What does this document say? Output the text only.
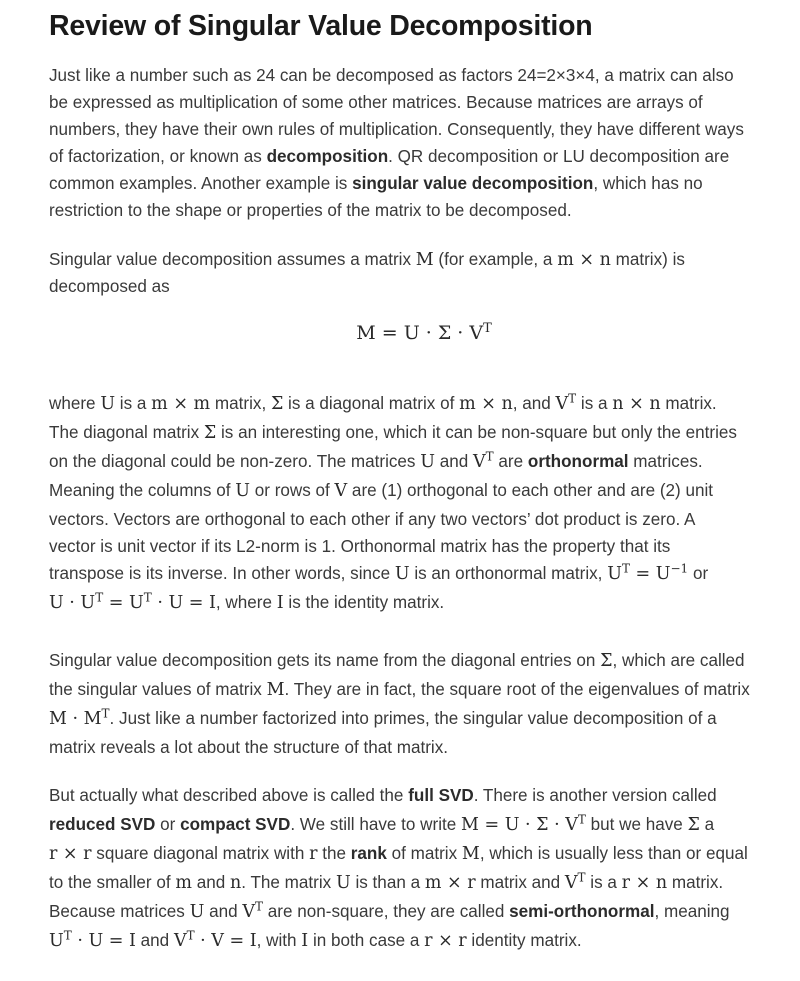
Review of Singular Value Decomposition
Just like a number such as 24 can be decomposed as factors 24=2×3×4, a matrix can also
be expressed as multiplication of some other matrices. Because matrices are arrays of
numbers, they have their own rules of multiplication. Consequently, they have different ways
of factorization, or known as decomposition. QR decomposition or LU decomposition are
common examples. Another example is singular value decomposition, which has no
restriction to the shape or properties of the matrix to be decomposed.
Singular value decomposition assumes a matrix M (for example, a m × n matrix) is
decomposed as
$M = U \cdot \Sigma \cdot V^T$
where U is a m × m matrix, Σ is a diagonal matrix of m × n, and $V^T$ is a n × n matrix.
The diagonal matrix Σ is an interesting one, which it can be non-square but only the entries
on the diagonal could be non-zero. The matrices U and $V^T$ are orthonormal matrices.
Meaning the columns of U or rows of V are (1) orthogonal to each other and are (2) unit
vectors. Vectors are orthogonal to each other if any two vectors’ dot product is zero. A
vector is unit vector if its L2-norm is 1. Orthonormal matrix has the property that its
transpose is its inverse. In other words, since U is an orthonormal matrix, $U^T = U^{-1}$ or
$U \cdot U^T = U^T \cdot U = I$, where I is the identity matrix.
Singular value decomposition gets its name from the diagonal entries on Σ, which are called
the singular values of matrix M. They are in fact, the square root of the eigenvalues of matrix
$M \cdot M^T$. Just like a number factorized into primes, the singular value decomposition of a
matrix reveals a lot about the structure of that matrix.
But actually what described above is called the full SVD. There is another version called
reduced SVD or compact SVD. We still have to write $M = U \cdot \Sigma \cdot V^T$ but we have Σ a
r × r square diagonal matrix with r the rank of matrix M, which is usually less than or equal
to the smaller of m and n. The matrix U is than a m × r matrix and $V^T$ is a r × n matrix.
Because matrices U and $V^T$ are non-square, they are called semi-orthonormal, meaning
$U^T \cdot U = I$ and $V^T \cdot V = I$, with I in both case a r × r identity matrix.
